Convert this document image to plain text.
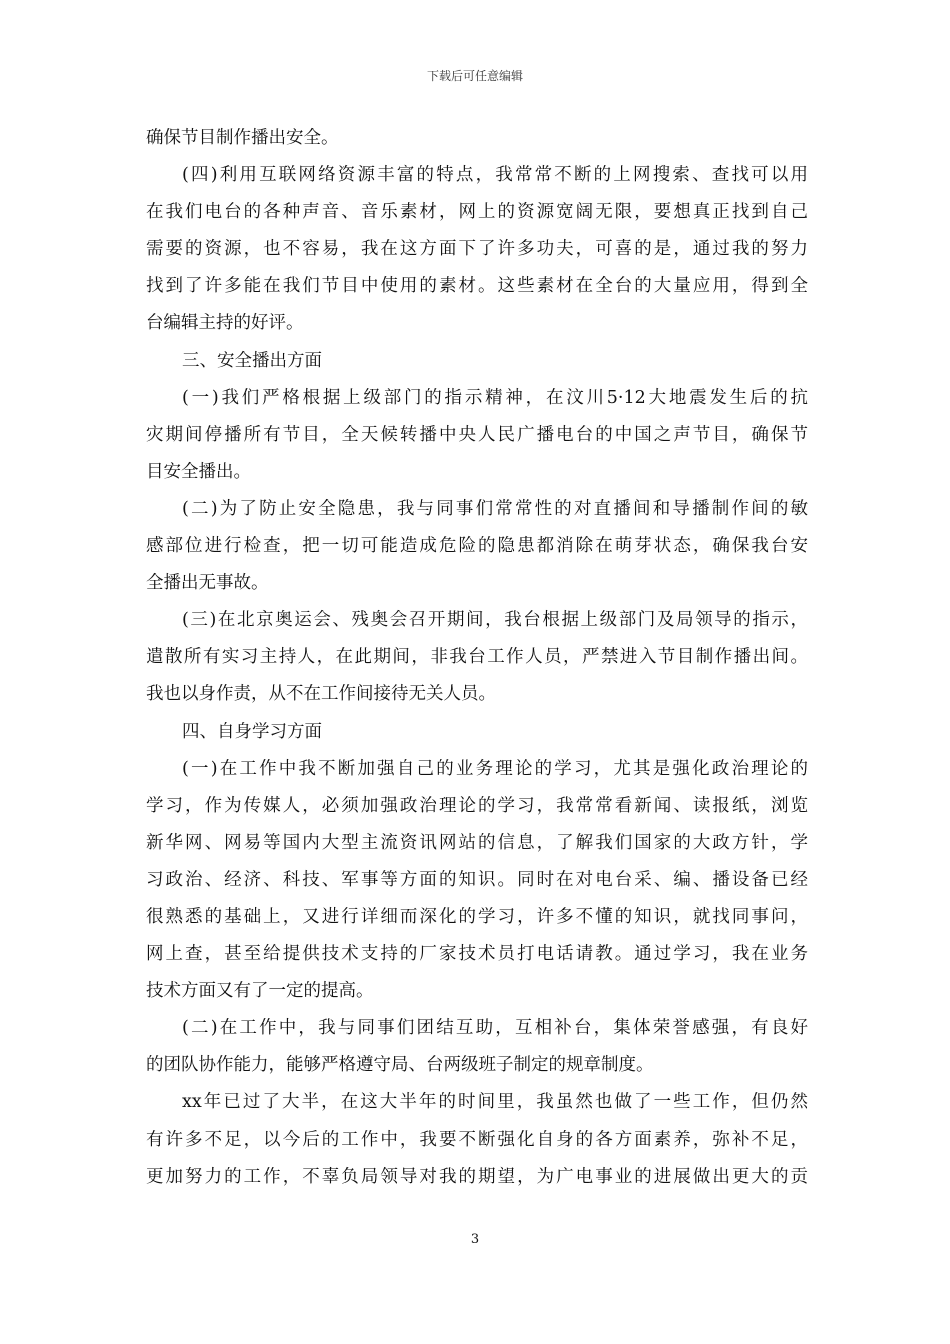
下载后可任意编辑
确保节目制作播出安全。
(四)利用互联网络资源丰富的特点，我常常不断的上网搜索、查找可以用
在我们电台的各种声音、音乐素材，网上的资源宽阔无限，要想真正找到自己
需要的资源，也不容易，我在这方面下了许多功夫，可喜的是，通过我的努力
找到了许多能在我们节目中使用的素材。这些素材在全台的大量应用，得到全
台编辑主持的好评。
三、安全播出方面
(一)我们严格根据上级部门的指示精神，在汶川5·12大地震发生后的抗
灾期间停播所有节目，全天候转播中央人民广播电台的中国之声节目，确保节
目安全播出。
(二)为了防止安全隐患，我与同事们常常性的对直播间和导播制作间的敏
感部位进行检查，把一切可能造成危险的隐患都消除在萌芽状态，确保我台安
全播出无事故。
(三)在北京奥运会、残奥会召开期间，我台根据上级部门及局领导的指示，
遣散所有实习主持人，在此期间，非我台工作人员，严禁进入节目制作播出间。
我也以身作责，从不在工作间接待无关人员。
四、自身学习方面
(一)在工作中我不断加强自己的业务理论的学习，尤其是强化政治理论的
学习，作为传媒人，必须加强政治理论的学习，我常常看新闻、读报纸，浏览
新华网、网易等国内大型主流资讯网站的信息，了解我们国家的大政方针，学
习政治、经济、科技、军事等方面的知识。同时在对电台采、编、播设备已经
很熟悉的基础上，又进行详细而深化的学习，许多不懂的知识，就找同事问，
网上查，甚至给提供技术支持的厂家技术员打电话请教。通过学习，我在业务
技术方面又有了一定的提高。
(二)在工作中，我与同事们团结互助，互相补台，集体荣誉感强，有良好
的团队协作能力，能够严格遵守局、台两级班子制定的规章制度。
xx年已过了大半，在这大半年的时间里，我虽然也做了一些工作，但仍然
有许多不足，以今后的工作中，我要不断强化自身的各方面素养，弥补不足，
更加努力的工作，不辜负局领导对我的期望，为广电事业的进展做出更大的贡
3
